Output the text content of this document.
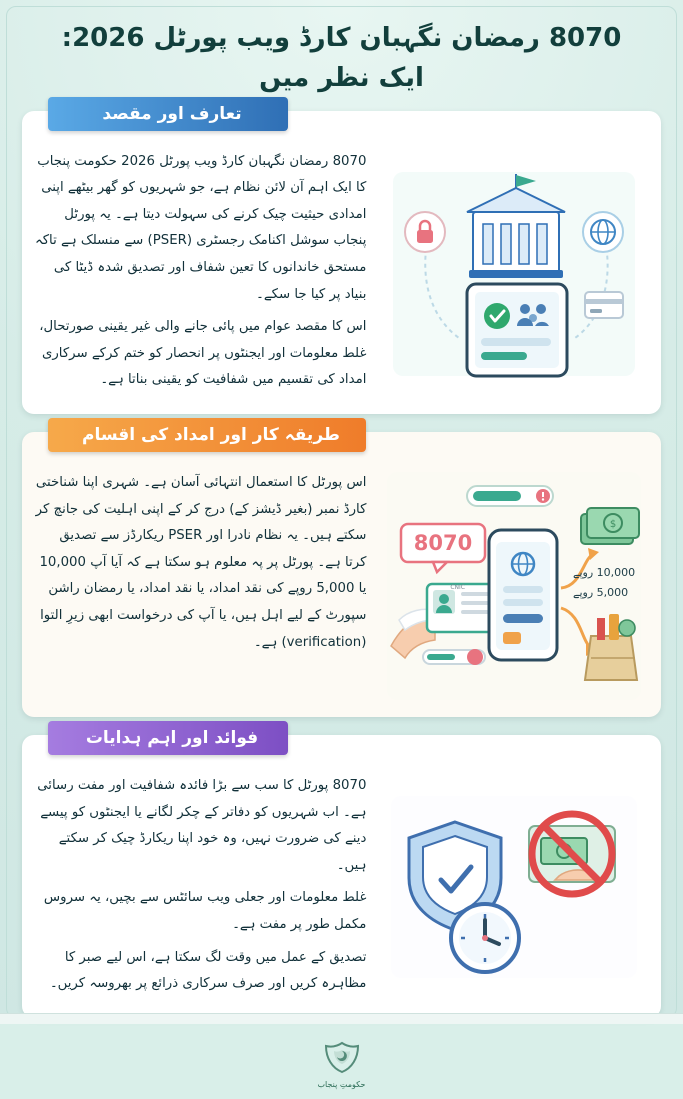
8070 رمضان نگہبان کارڈ ویب پورٹل 2026: ایک نظر میں
تعارف اور مقصد

8070 رمضان نگہبان کارڈ ویب پورٹل 2026 حکومت پنجاب کا ایک اہم آن لائن نظام ہے، جو شہریوں کو گھر بیٹھے اپنی امدادی حیثیت چیک کرنے کی سہولت دیتا ہے۔ یہ پورٹل پنجاب سوشل اکنامک رجسٹری (PSER) سے منسلک ہے تاکہ مستحق خاندانوں کا تعین شفاف اور تصدیق شدہ ڈیٹا کی بنیاد پر کیا جا سکے۔

اس کا مقصد عوام میں پائی جانے والی غیر یقینی صورتحال، غلط معلومات اور ایجنٹوں پر انحصار کو ختم کرکے سرکاری امداد کی تقسیم میں شفافیت کو یقینی بناتا ہے۔

طریقہ کار اور امداد کی اقسام
8070
CNIC
$
10,000 روپے
5,000 روپے

اس پورٹل کا استعمال انتہائی آسان ہے۔ شہری اپنا شناختی کارڈ نمبر (بغیر ڈیشز کے) درج کر کے اپنی اہلیت کی جانچ کر سکتے ہیں۔ یہ نظام نادرا اور PSER ریکارڈز سے تصدیق کرتا ہے۔ پورٹل پر پہ معلوم ہو سکتا ہے کہ آیا آپ 10,000 یا 5,000 روپے کی نقد امداد، یا نقد امداد، یا رمضان راشن سپورٹ کے لیے اہل ہیں، یا آپ کی درخواست ابھی زیرِ التوا (verification) ہے۔

فوائد اور اہم ہدایات

8070 پورٹل کا سب سے بڑا فائدہ شفافیت اور مفت رسائی ہے۔ اب شہریوں کو دفاتر کے چکر لگانے یا ایجنٹوں کو پیسے دینے کی ضرورت نہیں، وہ خود اپنا ریکارڈ چیک کر سکتے ہیں۔

غلط معلومات اور جعلی ویب سائٹس سے بچیں، یہ سروس مکمل طور پر مفت ہے۔

تصدیق کے عمل میں وقت لگ سکتا ہے، اس لیے صبر کا مظاہرہ کریں اور صرف سرکاری ذرائع پر بھروسہ کریں۔

حکومتِ پنجاب
